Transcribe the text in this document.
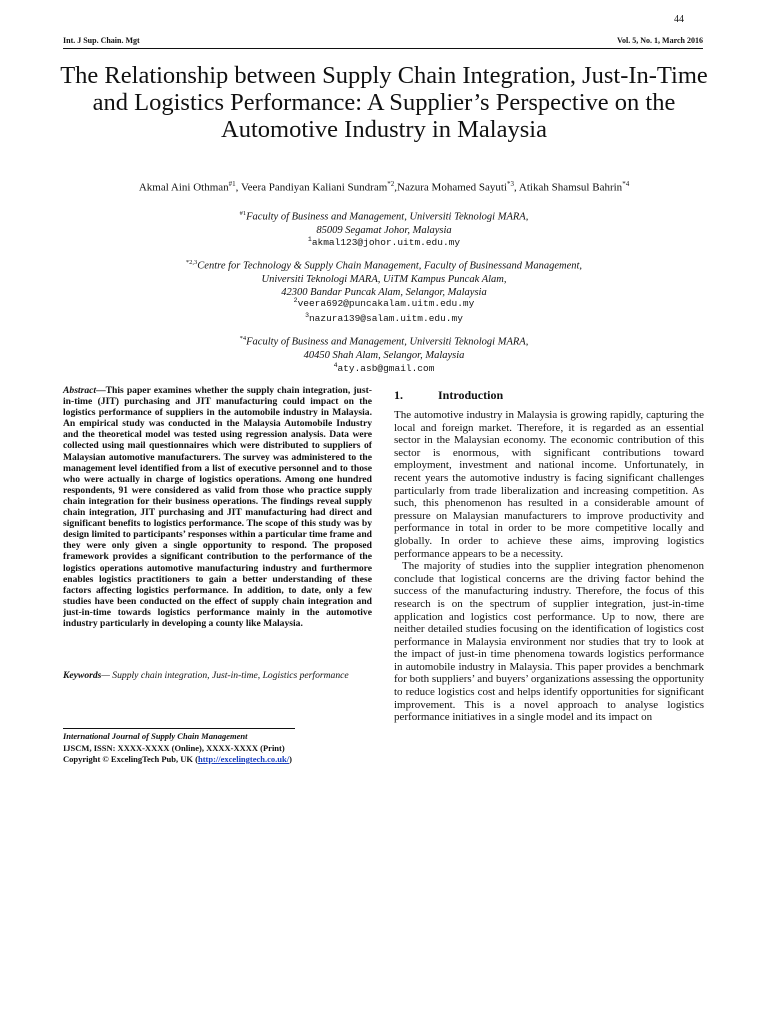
44
Int. J Sup. Chain. Mgt	Vol. 5, No. 1, March 2016
The Relationship between Supply Chain Integration, Just-In-Time and Logistics Performance: A Supplier’s Perspective on the Automotive Industry in Malaysia
Akmal Aini Othman$^{\#1}$, Veera Pandiyan Kaliani Sundram$^{*2}$,Nazura Mohamed Sayuti$^{*3}$, Atikah Shamsul Bahrin$^{*4}$
$^{\#1}$Faculty of Business and Management, Universiti Teknologi MARA,
85009 Segamat Johor, Malaysia
$^1$akmal123@johor.uitm.edu.my
$^{*2,3}$Centre for Technology & Supply Chain Management, Faculty of Businessand Management,
Universiti Teknologi MARA, UiTM Kampus Puncak Alam,
42300 Bandar Puncak Alam, Selangor, Malaysia
$^2$veera692@puncakalam.uitm.edu.my
$^3$nazura139@salam.uitm.edu.my
$^{*4}$Faculty of Business and Management, Universiti Teknologi MARA,
40450 Shah Alam, Selangor, Malaysia
$^4$aty.asb@gmail.com
Abstract—This paper examines whether the supply chain integration, just-in-time (JIT) purchasing and JIT manufacturing could impact on the logistics performance of suppliers in the automobile industry in Malaysia. An empirical study was conducted in the Malaysia Automobile Industry and the theoretical model was tested using regression analysis. Data were collected using mail questionnaires which were distributed to suppliers of Malaysian automotive manufacturers. The survey was administered to the management level identified from a list of executive personnel and to those who were actually in charge of logistics operations. Among one hundred respondents, 91 were considered as valid from those who practice supply chain integration for their business operations. The findings reveal supply chain integration, JIT purchasing and JIT manufacturing had direct and significant benefits to logistics performance. The scope of this study was by design limited to participants’ responses within a particular time frame and they were only given a single opportunity to respond. The proposed framework provides a significant contribution to the performance of the logistics operations automotive manufacturing industry and furthermore enables logistics practitioners to gain a better understanding of these factors affecting logistics performance. In addition, to date, only a few studies have been conducted on the effect of supply chain integration and just-in-time towards logistics performance mainly in the automotive industry particularly in developing a county like Malaysia.
Keywords— Supply chain integration, Just-in-time, Logistics performance
International Journal of Supply Chain Management
IJSCM, ISSN: XXXX-XXXX (Online), XXXX-XXXX (Print)
Copyright © ExcelingTech Pub, UK (http://excelingtech.co.uk/)
1.	Introduction

The automotive industry in Malaysia is growing rapidly, capturing the local and foreign market. Therefore, it is regarded as an essential sector in the Malaysian economy. The economic contribution of this sector is enormous, with significant contributions toward employment, investment and national income. Unfortunately, in recent years the automotive industry is facing significant challenges particularly from trade liberalization and increasing competition. As such, this phenomenon has resulted in a considerable amount of pressure on Malaysian manufacturers to improve productivity and performance in total in order to be more competitive locally and globally. In order to achieve these aims, improving logistics performance appears to be a necessity.

The majority of studies into the supplier integration phenomenon conclude that logistical concerns are the driving factor behind the success of the manufacturing industry. Therefore, the focus of this research is on the spectrum of supplier integration, just-in-time application and logistics cost performance. Up to now, there are neither detailed studies focusing on the identification of logistics cost performance in Malaysia environment nor studies that try to look at the impact of just-in time phenomena towards logistics performance in automobile industry in Malaysia. This paper provides a benchmark for both suppliers’ and buyers’ organizations assessing the opportunity to reduce logistics cost and helps identify opportunities for significant improvement. This is a novel approach to analyse logistics performance initiatives in a single model and its impact on
